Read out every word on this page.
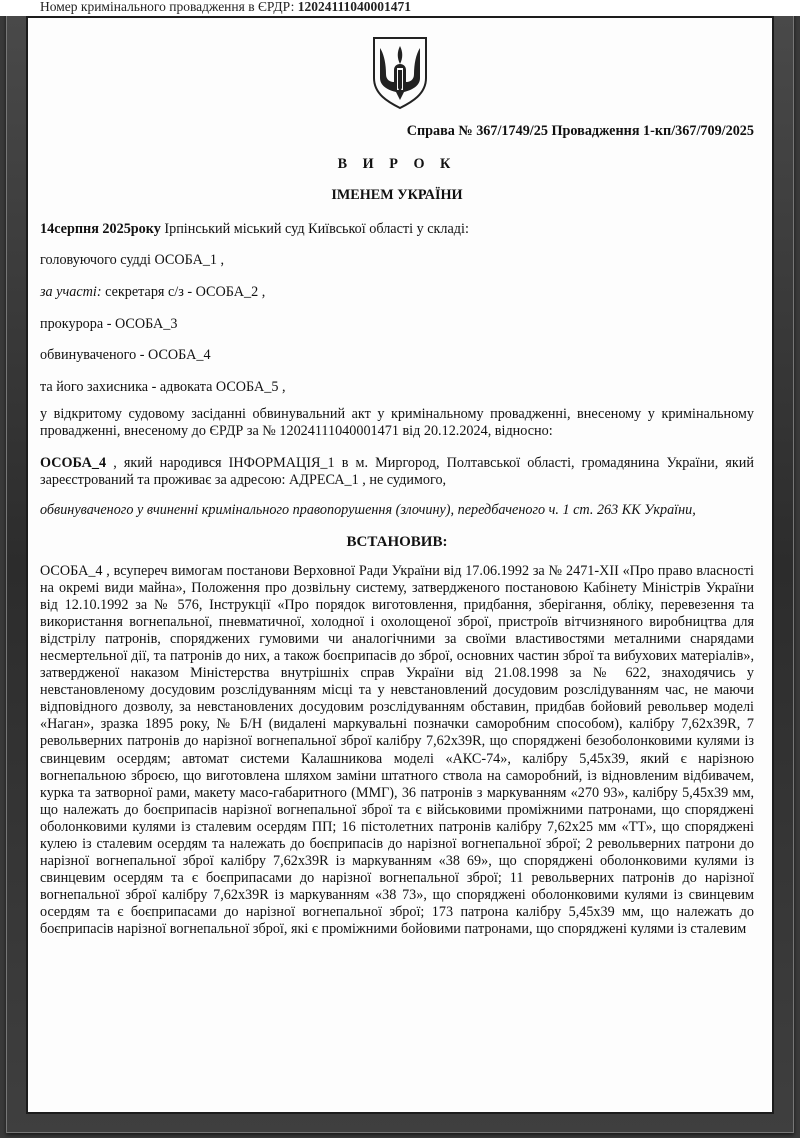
Номер кримінального провадження в ЄРДР: 12024111040001471

Справа № 367/1749/25 Провадження 1-кп/367/709/2025

В И Р О К

ІМЕНЕМ УКРАЇНИ

14серпня 2025року Ірпінський міський суд Київської області у складі:

головуючого судді ОСОБА_1 ,

за участі: секретаря с/з - ОСОБА_2 ,

прокурора - ОСОБА_3

обвинуваченого - ОСОБА_4

та його захисника - адвоката ОСОБА_5 ,

у відкритому судовому засіданні обвинувальний акт у кримінальному провадженні, внесеному у кримінальному провадженні, внесеному до ЄРДР за № 12024111040001471 від 20.12.2024, відносно:

ОСОБА_4 , який народився ІНФОРМАЦІЯ_1 в м. Миргород, Полтавської області, громадянина України, який зареєстрований та проживає за адресою: АДРЕСА_1 , не судимого,

обвинуваченого у вчиненні кримінального правопорушення (злочину), передбаченого ч. 1 ст. 263 КК України,

ВСТАНОВИВ:

ОСОБА_4 , всупереч вимогам постанови Верховної Ради України від 17.06.1992 за № 2471-ХІІ «Про право власності на окремі види майна», Положення про дозвільну систему, затвердженого постановою Кабінету Міністрів України від 12.10.1992 за № 576, Інструкції «Про порядок виготовлення, придбання, зберігання, обліку, перевезення та використання вогнепальної, пневматичної, холодної і охолощеної зброї, пристроїв вітчизняного виробництва для відстрілу патронів, споряджених гумовими чи аналогічними за своїми властивостями металними снарядами несмертельної дії, та патронів до них, а також боєприпасів до зброї, основних частин зброї та вибухових матеріалів», затвердженої наказом Міністерства внутрішніх справ України від 21.08.1998 за № 622, знаходячись у невстановленому досудовим розслідуванням місці та у невстановлений досудовим розслідуванням час, не маючи відповідного дозволу, за невстановлених досудовим розслідуванням обставин, придбав бойовий револьвер моделі «Наган», зразка 1895 року, № Б/Н (видалені маркувальні позначки саморобним способом), калібру 7,62х39R, 7 револьверних патронів до нарізної вогнепальної зброї калібру 7,62х39R, що споряджені безоболонковими кулями із свинцевим осердям; автомат системи Калашникова моделі «АКС-74», калібру 5,45х39, який є нарізною вогнепальною зброєю, що виготовлена шляхом заміни штатного ствола на саморобний, із відновленим відбивачем, курка та затворної рами, макету масо-габаритного (ММГ), 36 патронів з маркуванням «270 93», калібру 5,45х39 мм, що належать до боєприпасів нарізної вогнепальної зброї та є військовими проміжними патронами, що споряджені оболонковими кулями із сталевим осердям ПП; 16 пістолетних патронів калібру 7,62х25 мм «ТТ», що споряджені кулею із сталевим осердям та належать до боєприпасів до нарізної вогнепальної зброї; 2 револьверних патрони до нарізної вогнепальної зброї калібру 7,62х39R із маркуванням «38 69», що споряджені оболонковими кулями із свинцевим осердям та є боєприпасами до нарізної вогнепальної зброї; 11 револьверних патронів до нарізної вогнепальної зброї калібру 7,62х39R із маркуванням «38 73», що споряджені оболонковими кулями із свинцевим осердям та є боєприпасами до нарізної вогнепальної зброї; 173 патрона калібру 5,45х39 мм, що належать до боєприпасів нарізної вогнепальної зброї, які є проміжними бойовими патронами, що споряджені кулями із сталевим
